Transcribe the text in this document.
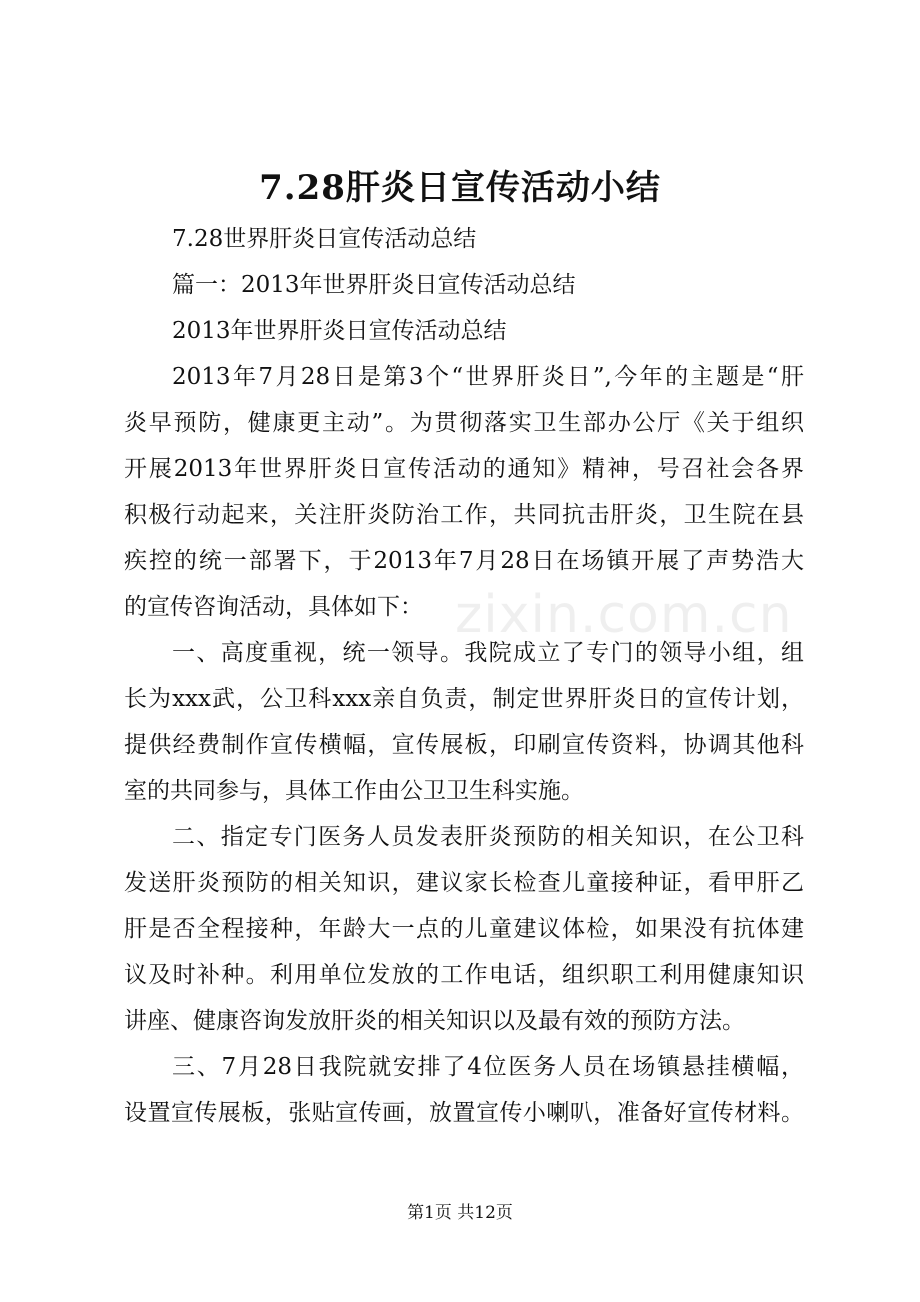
7.28肝炎日宣传活动小结
7.28世界肝炎日宣传活动总结
篇一：2013年世界肝炎日宣传活动总结
2013年世界肝炎日宣传活动总结
2013年7月28日是第3个“世界肝炎日”,今年的主题是“肝
炎早预防，健康更主动”。为贯彻落实卫生部办公厅《关于组织
开展2013年世界肝炎日宣传活动的通知》精神，号召社会各界
积极行动起来，关注肝炎防治工作，共同抗击肝炎，卫生院在县
疾控的统一部署下，于2013年7月28日在场镇开展了声势浩大
的宣传咨询活动，具体如下：
一、高度重视，统一领导。我院成立了专门的领导小组，组
长为xxx武，公卫科xxx亲自负责，制定世界肝炎日的宣传计划，
提供经费制作宣传横幅，宣传展板，印刷宣传资料，协调其他科
室的共同参与，具体工作由公卫卫生科实施。
二、指定专门医务人员发表肝炎预防的相关知识，在公卫科
发送肝炎预防的相关知识，建议家长检查儿童接种证，看甲肝乙
肝是否全程接种，年龄大一点的儿童建议体检，如果没有抗体建
议及时补种。利用单位发放的工作电话，组织职工利用健康知识
讲座、健康咨询发放肝炎的相关知识以及最有效的预防方法。
三、7月28日我院就安排了4位医务人员在场镇悬挂横幅，
设置宣传展板，张贴宣传画，放置宣传小喇叭，准备好宣传材料。
zixin.com.cn
第1页 共12页
